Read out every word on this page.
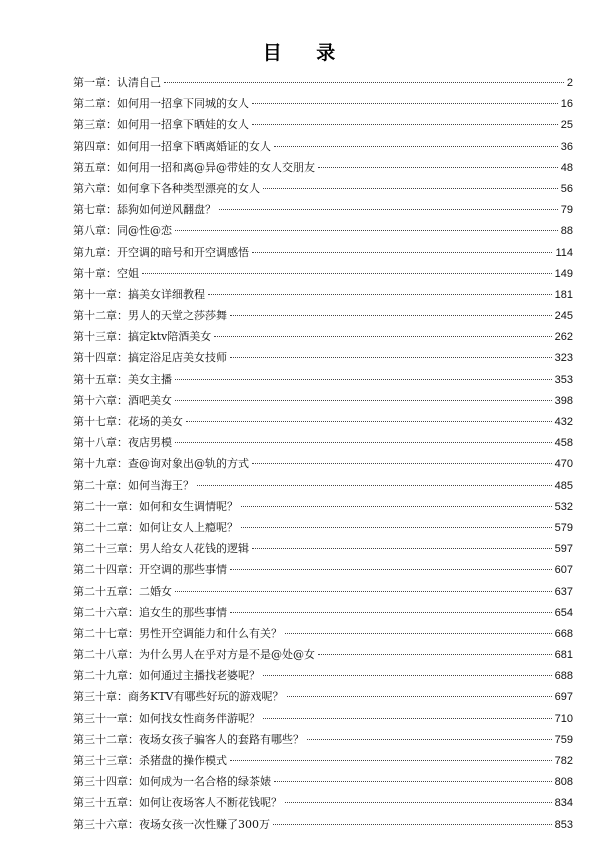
目 录
第一章：认清自己	2
第二章：如何用一招拿下同城的女人	16
第三章：如何用一招拿下晒娃的女人	25
第四章：如何用一招拿下晒离婚证的女人	36
第五章：如何用一招和离@异@带娃的女人交朋友	48
第六章：如何拿下各种类型漂亮的女人	56
第七章：舔狗如何逆风翻盘？	79
第八章：同@性@恋	88
第九章：开空调的暗号和开空调感悟	114
第十章：空姐	149
第十一章：搞美女详细教程	181
第十二章：男人的天堂之莎莎舞	245
第十三章：搞定ktv陪酒美女	262
第十四章：搞定浴足店美女技师	323
第十五章：美女主播	353
第十六章：酒吧美女	398
第十七章：花场的美女	432
第十八章：夜店男模	458
第十九章：查@询对象出@轨的方式	470
第二十章：如何当海王？	485
第二十一章：如何和女生调情呢？	532
第二十二章：如何让女人上瘾呢？	579
第二十三章：男人给女人花钱的逻辑	597
第二十四章：开空调的那些事情	607
第二十五章：二婚女	637
第二十六章：追女生的那些事情	654
第二十七章：男性开空调能力和什么有关？	668
第二十八章：为什么男人在乎对方是不是@处@女	681
第二十九章：如何通过主播找老婆呢？	688
第三十章：商务KTV有哪些好玩的游戏呢？	697
第三十一章：如何找女性商务伴游呢？	710
第三十二章：夜场女孩子骗客人的套路有哪些？	759
第三十三章：杀猪盘的操作模式	782
第三十四章：如何成为一名合格的绿茶婊	808
第三十五章：如何让夜场客人不断花钱呢？	834
第三十六章：夜场女孩一次性赚了300万	853
